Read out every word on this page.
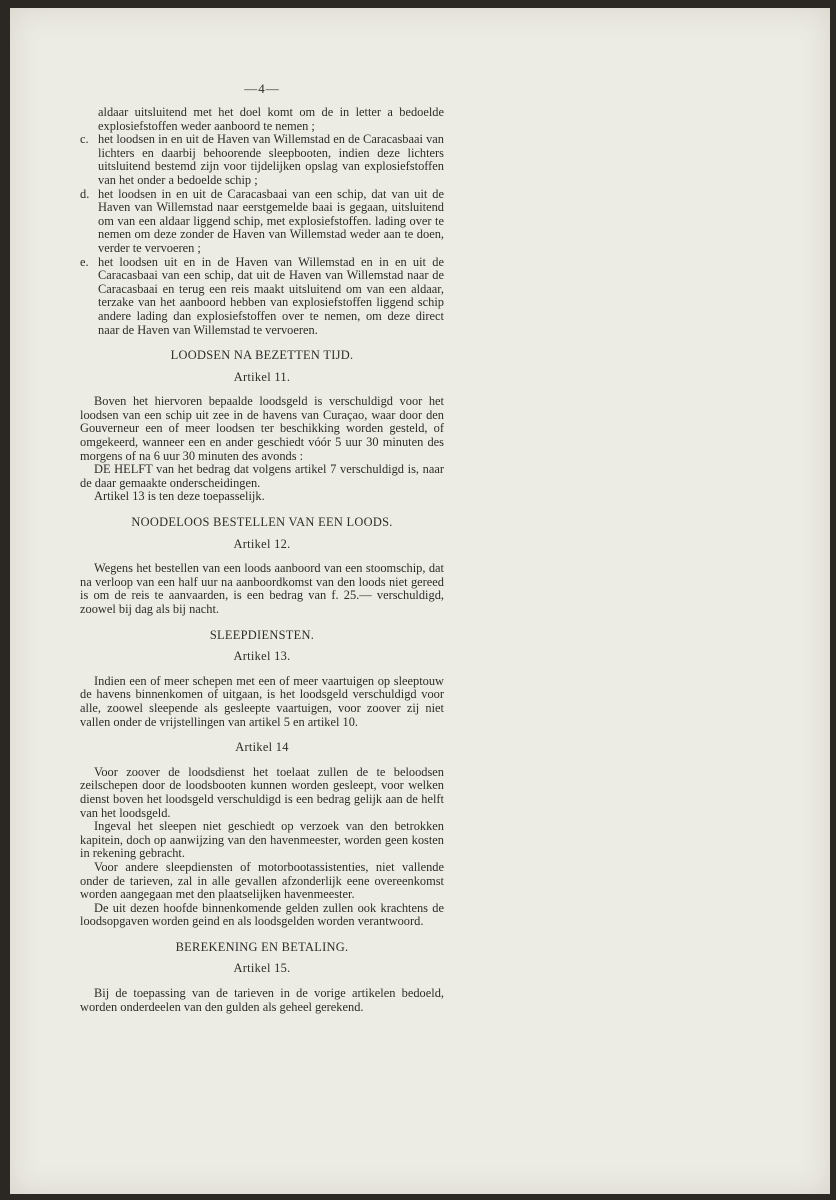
—4—

aldaar uitsluitend met het doel komt om de in letter a bedoelde explosiefstoffen weder aanboord te nemen ;

c. het loodsen in en uit de Haven van Willemstad en de Caracasbaai van lichters en daarbij behoorende sleepbooten, indien deze lichters uitsluitend bestemd zijn voor tijdelijken opslag van explosiefstoffen van het onder a bedoelde schip ;
d. het loodsen in en uit de Caracasbaai van een schip, dat van uit de Haven van Willemstad naar eerstgemelde baai is gegaan, uitsluitend om van een aldaar liggend schip, met explosiefstoffen. lading over te nemen om deze zonder de Haven van Willemstad weder aan te doen, verder te vervoeren ;
e. het loodsen uit en in de Haven van Willemstad en in en uit de Caracasbaai van een schip, dat uit de Haven van Willemstad naar de Caracasbaai en terug een reis maakt uitsluitend om van een aldaar, terzake van het aanboord hebben van explosiefstoffen liggend schip andere lading dan explosiefstoffen over te nemen, om deze direct naar de Haven van Willemstad te vervoeren.
LOODSEN NA BEZETTEN TIJD.
Artikel 11.

Boven het hiervoren bepaalde loodsgeld is verschuldigd voor het loodsen van een schip uit zee in de havens van Curaçao, waar door den Gouverneur een of meer loodsen ter beschikking worden gesteld, of omgekeerd, wanneer een en ander geschiedt vóór 5 uur 30 minuten des morgens of na 6 uur 30 minuten des avonds :

DE HELFT van het bedrag dat volgens artikel 7 verschuldigd is, naar de daar gemaakte onderscheidingen.

Artikel 13 is ten deze toepasselijk.

NOODELOOS BESTELLEN VAN EEN LOODS.
Artikel 12.

Wegens het bestellen van een loods aanboord van een stoomschip, dat na verloop van een half uur na aanboordkomst van den loods niet gereed is om de reis te aanvaarden, is een bedrag van f. 25.— verschuldigd, zoowel bij dag als bij nacht.

SLEEPDIENSTEN.
Artikel 13.

Indien een of meer schepen met een of meer vaartuigen op sleeptouw de havens binnenkomen of uitgaan, is het loodsgeld verschuldigd voor alle, zoowel sleepende als gesleepte vaartuigen, voor zoover zij niet vallen onder de vrijstellingen van artikel 5 en artikel 10.

Artikel 14

Voor zoover de loodsdienst het toelaat zullen de te beloodsen zeilschepen door de loodsbooten kunnen worden gesleept, voor welken dienst boven het loodsgeld verschuldigd is een bedrag gelijk aan de helft van het loodsgeld.

Ingeval het sleepen niet geschiedt op verzoek van den betrokken kapitein, doch op aanwijzing van den havenmeester, worden geen kosten in rekening gebracht.

Voor andere sleepdiensten of motorbootassistenties, niet vallende onder de tarieven, zal in alle gevallen afzonderlijk eene overeenkomst worden aangegaan met den plaatselijken havenmeester.

De uit dezen hoofde binnenkomende gelden zullen ook krachtens de loodsopgaven worden geind en als loodsgelden worden verantwoord.

BEREKENING EN BETALING.
Artikel 15.

Bij de toepassing van de tarieven in de vorige artikelen bedoeld, worden onderdeelen van den gulden als geheel gerekend.
